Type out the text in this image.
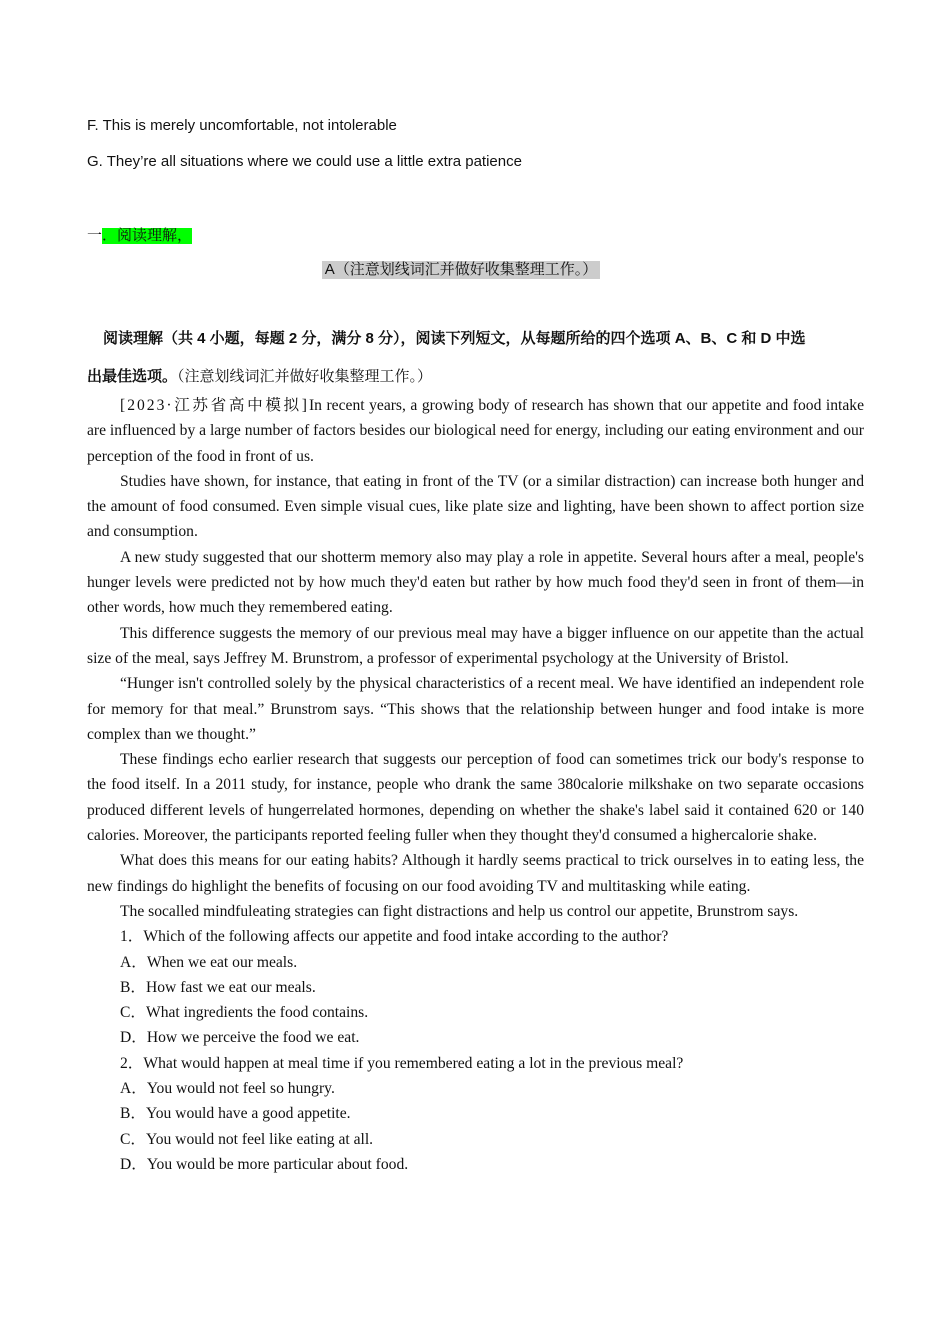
F. This is merely uncomfortable, not intolerable
G. They’re all situations where we could use a little extra patience
一．阅读理解，
A（注意划线词汇并做好收集整理工作。）
阅读理解（共 4 小题，每题 2 分，满分 8 分），阅读下列短文，从每题所给的四个选项 A、B、C 和 D 中选
出最佳选项。（注意划线词汇并做好收集整理工作。）

[2023·江苏省高中模拟]In recent years, a growing body of research has shown that our appetite and food intake are influenced by a large number of factors besides our biological need for energy, including our eating environment and our perception of the food in front of us.

Studies have shown, for instance, that eating in front of the TV (or a similar distraction) can increase both hunger and the amount of food consumed. Even simple visual cues, like plate size and lighting, have been shown to affect portion size and consumption.

A new study suggested that our shotterm memory also may play a role in appetite. Several hours after a meal, people's hunger levels were predicted not by how much they'd eaten but rather by how much food they'd seen in front of them—in other words, how much they remembered eating.

This difference suggests the memory of our previous meal may have a bigger influence on our appetite than the actual size of the meal, says Jeffrey M. Brunstrom, a professor of experimental psychology at the University of Bristol.

“Hunger isn't controlled solely by the physical characteristics of a recent meal. We have identified an independent role for memory for that meal.” Brunstrom says. “This shows that the relationship between hunger and food intake is more complex than we thought.”

These findings echo earlier research that suggests our perception of food can sometimes trick our body's response to the food itself. In a 2011 study, for instance, people who drank the same 380calorie milkshake on two separate occasions produced different levels of hungerrelated hormones, depending on whether the shake's label said it contained 620 or 140 calories. Moreover, the participants reported feeling fuller when they thought they'd consumed a highercalorie shake.

What does this means for our eating habits? Although it hardly seems practical to trick ourselves in to eating less, the new findings do highlight the benefits of focusing on our food avoiding TV and multitasking while eating.

The socalled mindfuleating strategies can fight distractions and help us control our appetite, Brunstrom says.

1．Which of the following affects our appetite and food intake according to the author?
A．When we eat our meals.
B．How fast we eat our meals.
C．What ingredients the food contains.
D．How we perceive the food we eat.
2．What would happen at meal time if you remembered eating a lot in the previous meal?
A．You would not feel so hungry.
B．You would have a good appetite.
C．You would not feel like eating at all.
D．You would be more particular about food.
